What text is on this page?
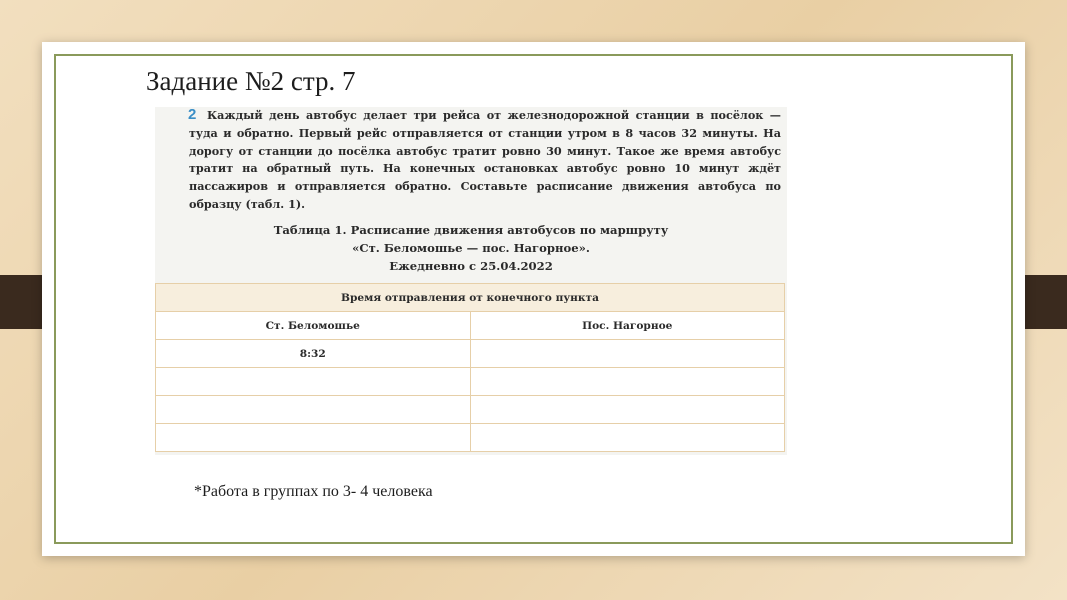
Задание №2 стр. 7
2 Каждый день автобус делает три рейса от железнодорожной станции в посёлок — туда и обратно. Первый рейс отправляется от станции утром в 8 часов 32 минуты. На дорогу от станции до посёлка автобус тратит ровно 30 минут. Такое же время автобус тратит на обратный путь. На конечных остановках автобус ровно 10 минут ждёт пассажиров и отправляется обратно. Составьте расписание движения автобуса по образцу (табл. 1).
Таблица 1. Расписание движения автобусов по маршруту
«Ст. Беломошье — пос. Нагорное».
Ежедневно с 25.04.2022
Время отправления от конечного пункта	
Ст. Беломошье	Пос. Нагорное
8:32	

*Работа в группах по 3- 4 человека
